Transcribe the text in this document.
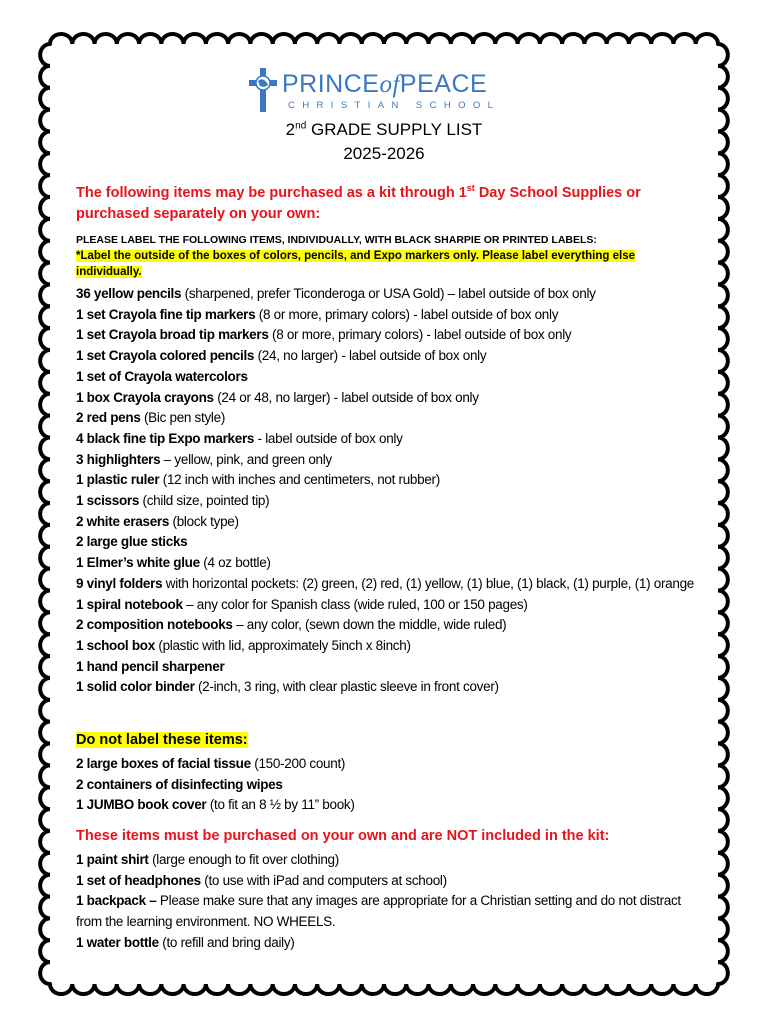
PRINCEofPEACE
CHRISTIAN SCHOOL
2nd GRADE SUPPLY LIST
2025-2026
The following items may be purchased as a kit through 1st Day School Supplies or purchased separately on your own:
PLEASE LABEL THE FOLLOWING ITEMS, INDIVIDUALLY, WITH BLACK SHARPIE OR PRINTED LABELS:
*Label the outside of the boxes of colors, pencils, and Expo markers only. Please label everything else individually.
36 yellow pencils (sharpened, prefer Ticonderoga or USA Gold) – label outside of box only
1 set Crayola fine tip markers (8 or more, primary colors) - label outside of box only
1 set Crayola broad tip markers (8 or more, primary colors) - label outside of box only
1 set Crayola colored pencils (24, no larger) - label outside of box only
1 set of Crayola watercolors
1 box Crayola crayons (24 or 48, no larger) - label outside of box only
2 red pens (Bic pen style)
4 black fine tip Expo markers - label outside of box only
3 highlighters – yellow, pink, and green only
1 plastic ruler (12 inch with inches and centimeters, not rubber)
1 scissors (child size, pointed tip)
2 white erasers (block type)
2 large glue sticks
1 Elmer’s white glue (4 oz bottle)
9 vinyl folders with horizontal pockets: (2) green, (2) red, (1) yellow, (1) blue, (1) black, (1) purple, (1) orange
1 spiral notebook – any color for Spanish class (wide ruled, 100 or 150 pages)
2 composition notebooks – any color, (sewn down the middle, wide ruled)
1 school box (plastic with lid, approximately 5inch x 8inch)
1 hand pencil sharpener
1 solid color binder (2-inch, 3 ring, with clear plastic sleeve in front cover)
Do not label these items:
2 large boxes of facial tissue (150-200 count)
2 containers of disinfecting wipes
1 JUMBO book cover (to fit an 8 ½ by 11” book)
These items must be purchased on your own and are NOT included in the kit:
1 paint shirt (large enough to fit over clothing)
1 set of headphones (to use with iPad and computers at school)
1 backpack – Please make sure that any images are appropriate for a Christian setting and do not distract from the learning environment. NO WHEELS.
1 water bottle (to refill and bring daily)
